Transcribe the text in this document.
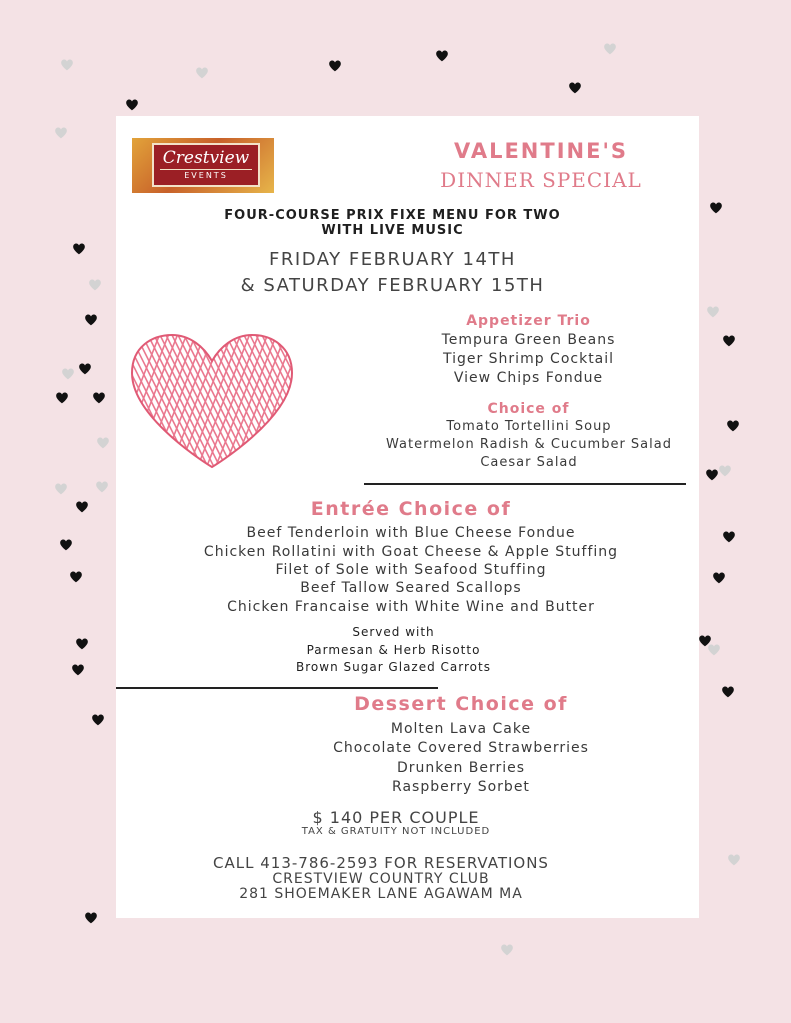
Crestview
EVENTS
VALENTINE'S
DINNER SPECIAL
FOUR-COURSE PRIX FIXE MENU FOR TWO
WITH LIVE MUSIC
FRIDAY FEBRUARY 14TH
& SATURDAY FEBRUARY 15TH
Appetizer Trio
Tempura Green Beans
Tiger Shrimp Cocktail
View Chips Fondue
Choice of
Tomato Tortellini Soup
Watermelon Radish & Cucumber Salad
Caesar Salad
Entrée Choice of
Beef Tenderloin with Blue Cheese Fondue
Chicken Rollatini with Goat Cheese & Apple Stuffing
Filet of Sole with Seafood Stuffing
Beef Tallow Seared Scallops
Chicken Francaise with White Wine and Butter
Served with
Parmesan & Herb Risotto
Brown Sugar Glazed Carrots
Dessert Choice of
Molten Lava Cake
Chocolate Covered Strawberries
Drunken Berries
Raspberry Sorbet
$ 140 PER COUPLE
TAX & GRATUITY NOT INCLUDED
CALL 413-786-2593 FOR RESERVATIONS
CRESTVIEW COUNTRY CLUB
281 SHOEMAKER LANE AGAWAM MA
